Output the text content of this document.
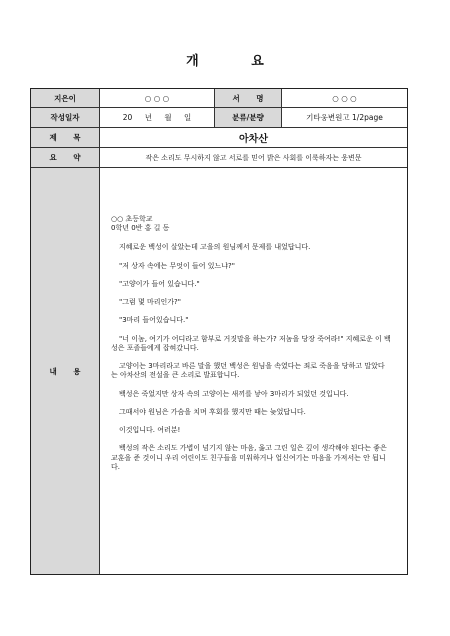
개 요
지은이	○ ○ ○	서 명	○ ○ ○
작성일자	20 년 월 일	분류/분량	기타웅변원고 1/2page
제 목	아차산
요 약	작은 소리도 무시하지 않고 서로를 믿어 밝은 사회를 이룩하자는 웅변문
내 용

○○ 초등학교

0학년 0반 홍 길 동

지혜로운 백성이 살았는데 고을의 원님께서 문제를 내었답니다.

"저 상자 속에는 무엇이 들어 있느냐?"

"고양이가 들어 있습니다."

"그럼 몇 마리인가?"

"3마리 들어있습니다."

"너 이놈, 여기가 어디라고 함부로 거짓말을 하는가? 저놈을 당장 죽여라!" 지혜로운 이 백성은 포졸들에게 잡혀갔니다.

고양이는 3마리라고 바른 말을 했던 백성은 원님을 속였다는 죄로 죽음을 당하고 말았다는 아차산의 전설을 큰 소리로 발표합니다.

백성은 죽었지만 상자 속의 고양이는 새끼를 낳아 3마리가 되었던 것입니다.

그때서야 원님은 가슴을 치며 후회를 했지만 때는 늦었답니다.

이것입니다. 여러분!

백성의 작은 소리도 가볍이 넘기지 않는 마음, 옳고 그린 일은 깊이 생각해야 된다는 좋은 교훈을 준 것이니 우리 어린이도 친구들을 미워하거나 업신여기는 마음을 가져서는 안 됩니다.
